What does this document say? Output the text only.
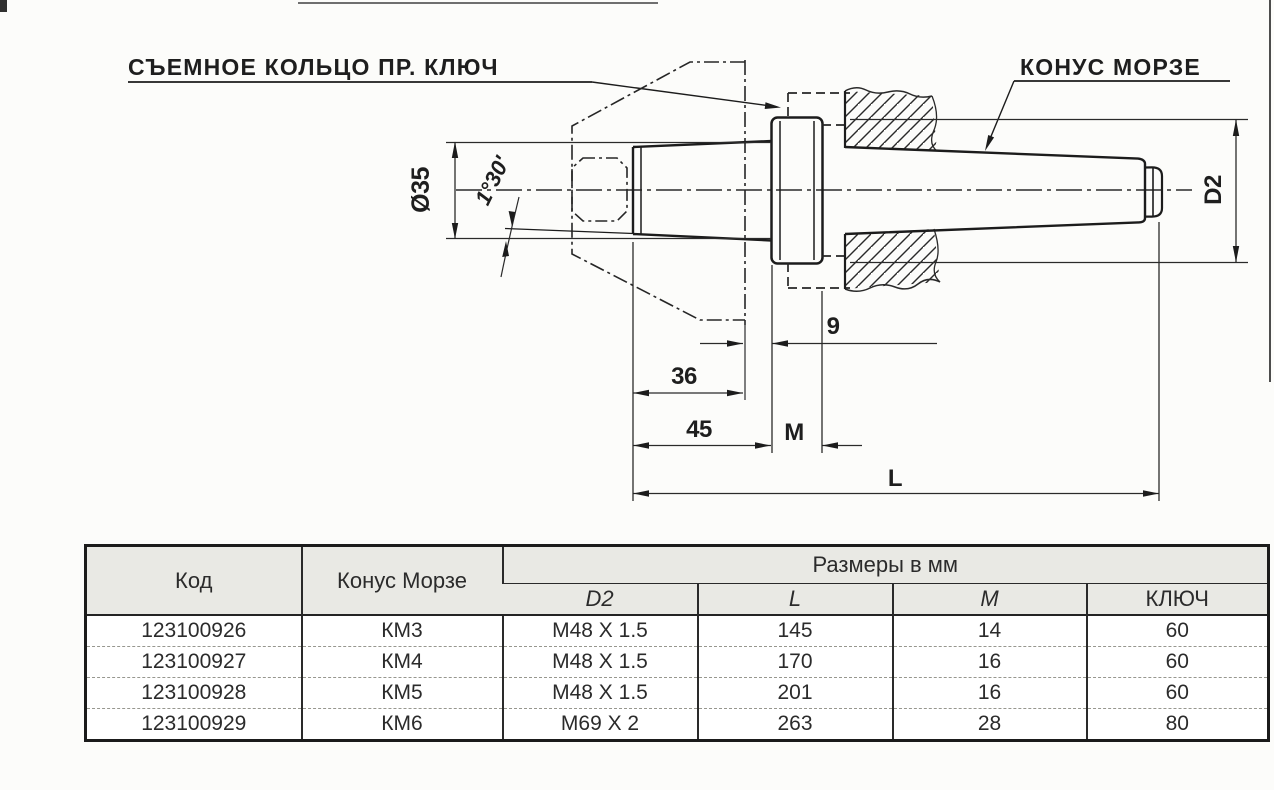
СЪЕМНОЕ КОЛЬЦО ПР. КЛЮЧ	КОНУС МОРЗЕ
Ø35 1°30'
9
36
45	M
L
D2
Код	Конус Морзе	Размеры в мм			
		D2	L	M	КЛЮЧ
123100926	КМ3	M48 X 1.5	145	14	60
123100927	КМ4	M48 X 1.5	170	16	60
123100928	КМ5	M48 X 1.5	201	16	60
123100929	КМ6	M69 X 2	263	28	80
